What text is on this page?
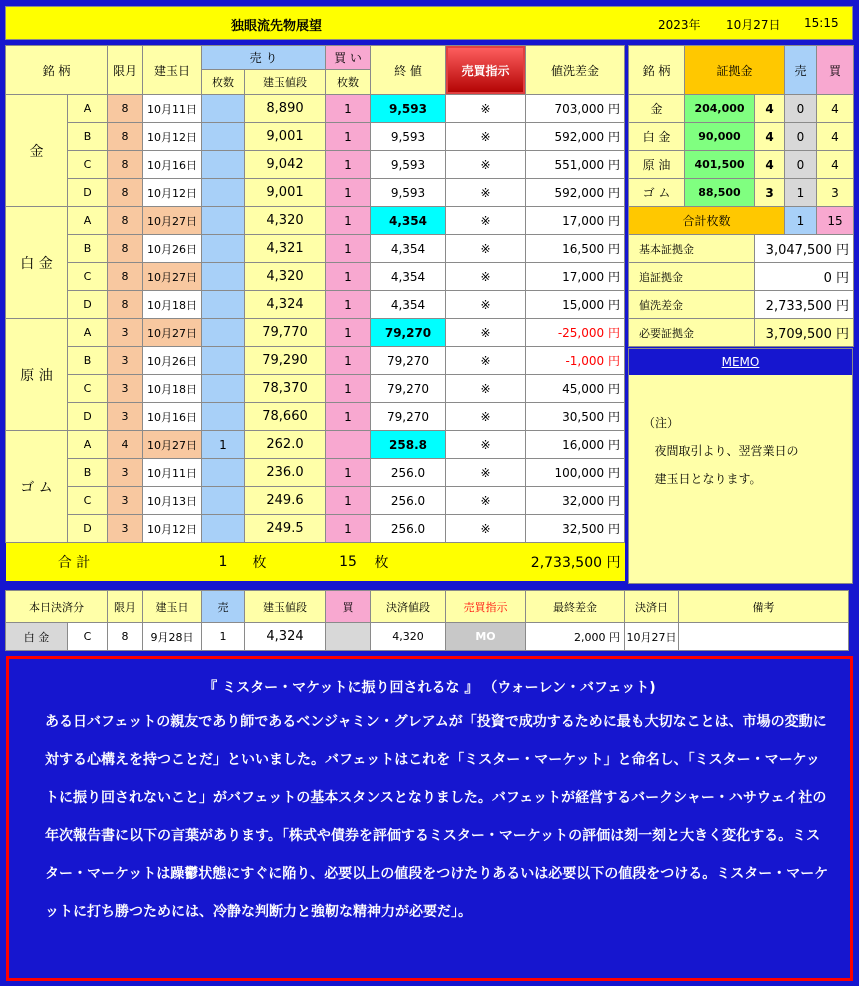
独眼流先物展望	2023年 10月27日 15:15
銘 柄		限月	建玉日	売 り		買 い	終 値	売買指示	値洗差金
				枚数	建玉値段	枚数			
金	A	8	10月11日		8,890	1	9,593	※	703,000 円
	B	8	10月12日		9,001	1	9,593	※	592,000 円
	C	8	10月16日		9,042	1	9,593	※	551,000 円
	D	8	10月12日		9,001	1	9,593	※	592,000 円
白 金	A	8	10月27日		4,320	1	4,354	※	17,000 円
	B	8	10月26日		4,321	1	4,354	※	16,500 円
	C	8	10月27日		4,320	1	4,354	※	17,000 円
	D	8	10月18日		4,324	1	4,354	※	15,000 円
原 油	A	3	10月27日		79,770	1	79,270	※	-25,000 円
	B	3	10月26日		79,290	1	79,270	※	-1,000 円
	C	3	10月18日		78,370	1	79,270	※	45,000 円
	D	3	10月16日		78,660	1	79,270	※	30,500 円
ゴ ム	A	4	10月27日	1	262.0		258.8	※	16,000 円
	B	3	10月11日		236.0	1	256.0	※	100,000 円
	C	3	10月13日		249.6	1	256.0	※	32,000 円
	D	3	10月12日		249.5	1	256.0	※	32,500 円
合 計				1	枚	15	枚		2,733,500 円
銘 柄	証拠金		売	買
金	204,000	4	0	4
白 金	90,000	4	0	4
原 油	401,500	4	0	4
ゴ ム	88,500	3	1	3
合計枚数			1	15
基本証拠金		3,047,500 円		
追証拠金		0 円		
値洗差金		2,733,500 円		
必要証拠金		3,709,500 円		
MEMO
（注）
夜間取引より、翌営業日の
建玉日となります。
本日決済分		限月	建玉日	売	建玉値段	買	決済値段	売買指示	最終差金	決済日	備考
白 金	C	8	9月28日	1	4,324		4,320	MO	2,000 円	10月27日	
『 ミスター・マケットに振り回されるな 』 （ウォーレン・バフェット)
ある日バフェットの親友であり師であるベンジャミン・グレアムが「投資で成功するために最も大切なことは、市場の変動に対する心構えを持つことだ」といいました。バフェットはこれを「ミスター・マーケット」と命名し、「ミスター・マーケットに振り回されないこと」がバフェットの基本スタンスとなりました。バフェットが経営するバークシャー・ハサウェイ社の年次報告書に以下の言葉があります。「株式や債券を評価するミスター・マーケットの評価は刻一刻と大きく変化する。ミスター・マーケットは躁鬱状態にすぐに陥り、必要以上の値段をつけたりあるいは必要以下の値段をつける。ミスター・マーケットに打ち勝つためには、冷静な判断力と強靭な精神力が必要だ」。
